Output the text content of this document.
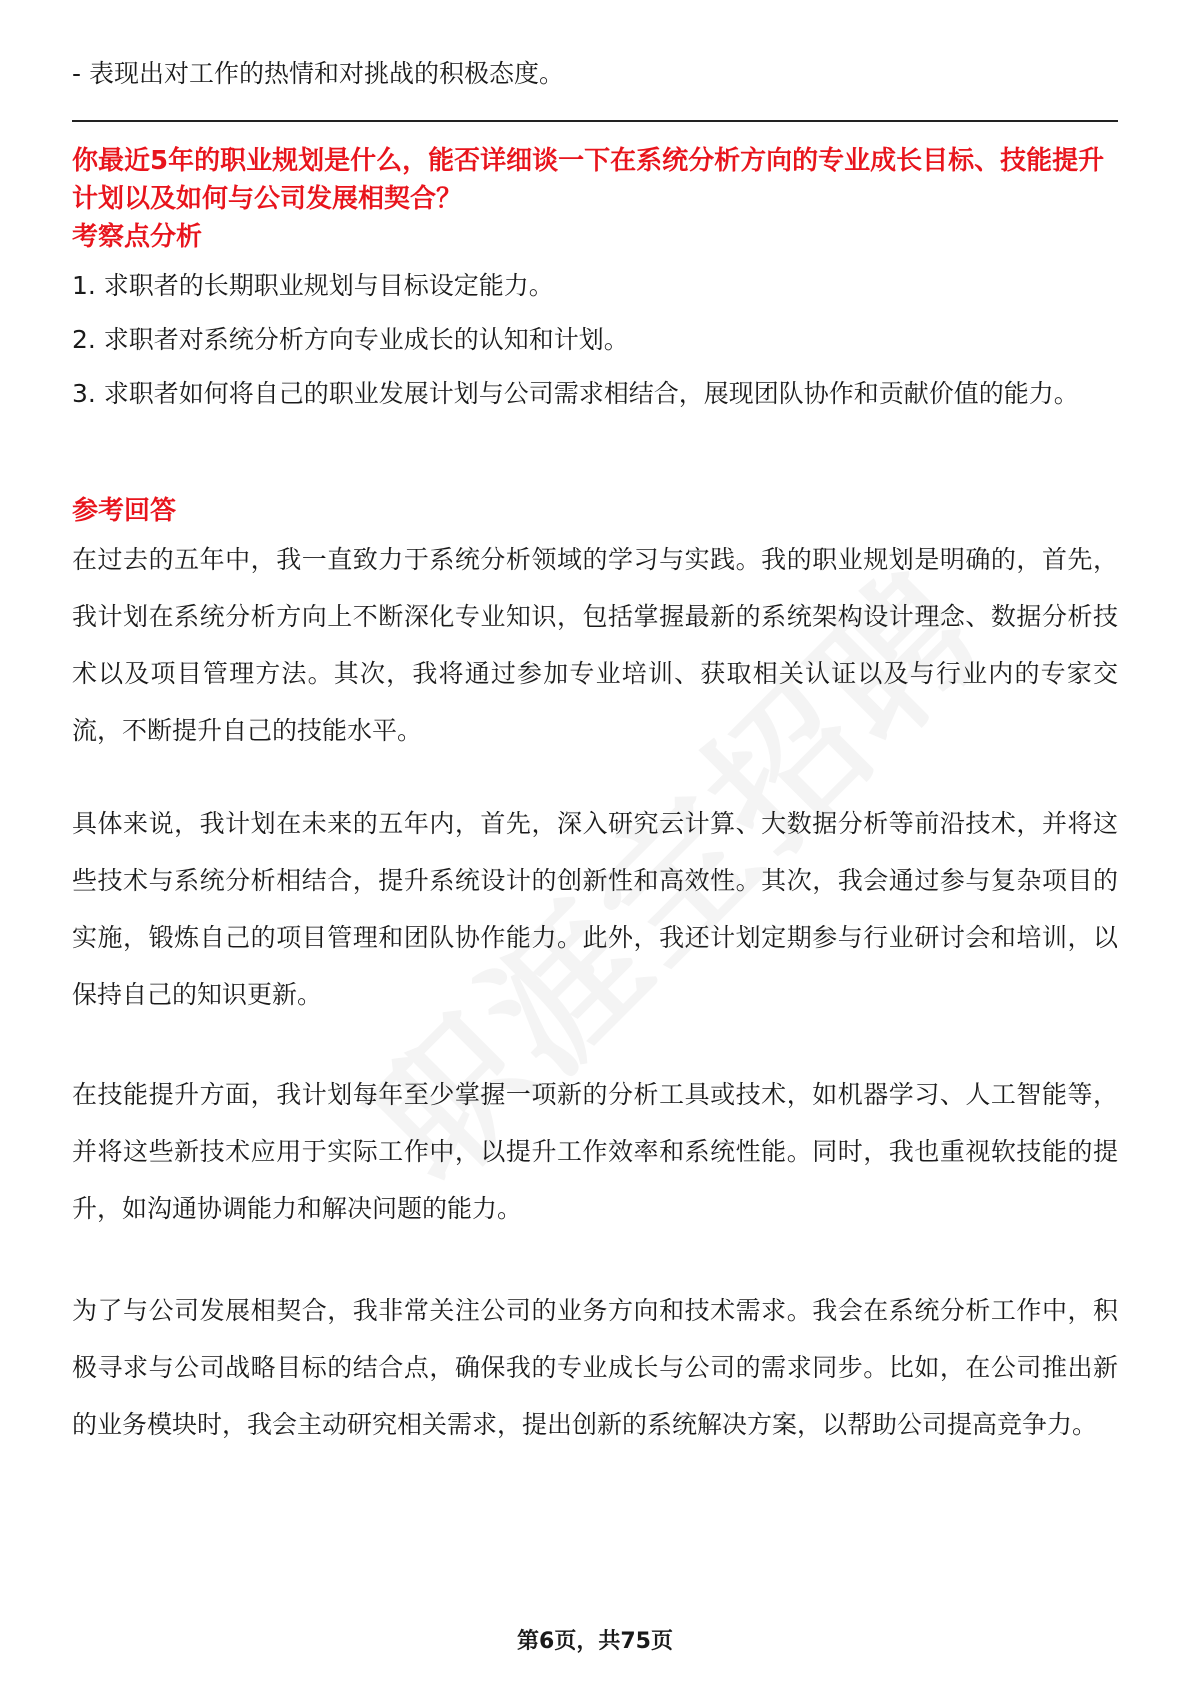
- 表现出对工作的热情和对挑战的积极态度。
你最近5年的职业规划是什么，能否详细谈一下在系统分析方向的专业成长目标、技能提升计划以及如何与公司发展相契合？
考察点分析
1. 求职者的长期职业规划与目标设定能力。
2. 求职者对系统分析方向专业成长的认知和计划。
3. 求职者如何将自己的职业发展计划与公司需求相结合，展现团队协作和贡献价值的能力。
参考回答
在过去的五年中，我一直致力于系统分析领域的学习与实践。我的职业规划是明确的，首先，我计划在系统分析方向上不断深化专业知识，包括掌握最新的系统架构设计理念、数据分析技术以及项目管理方法。其次，我将通过参加专业培训、获取相关认证以及与行业内的专家交流，不断提升自己的技能水平。
具体来说，我计划在未来的五年内，首先，深入研究云计算、大数据分析等前沿技术，并将这些技术与系统分析相结合，提升系统设计的创新性和高效性。其次，我会通过参与复杂项目的实施，锻炼自己的项目管理和团队协作能力。此外，我还计划定期参与行业研讨会和培训，以保持自己的知识更新。
在技能提升方面，我计划每年至少掌握一项新的分析工具或技术，如机器学习、人工智能等，并将这些新技术应用于实际工作中，以提升工作效率和系统性能。同时，我也重视软技能的提升，如沟通协调能力和解决问题的能力。
为了与公司发展相契合，我非常关注公司的业务方向和技术需求。我会在系统分析工作中，积极寻求与公司战略目标的结合点，确保我的专业成长与公司的需求同步。比如，在公司推出新的业务模块时，我会主动研究相关需求，提出创新的系统解决方案，以帮助公司提高竞争力。
第6页，共75页
